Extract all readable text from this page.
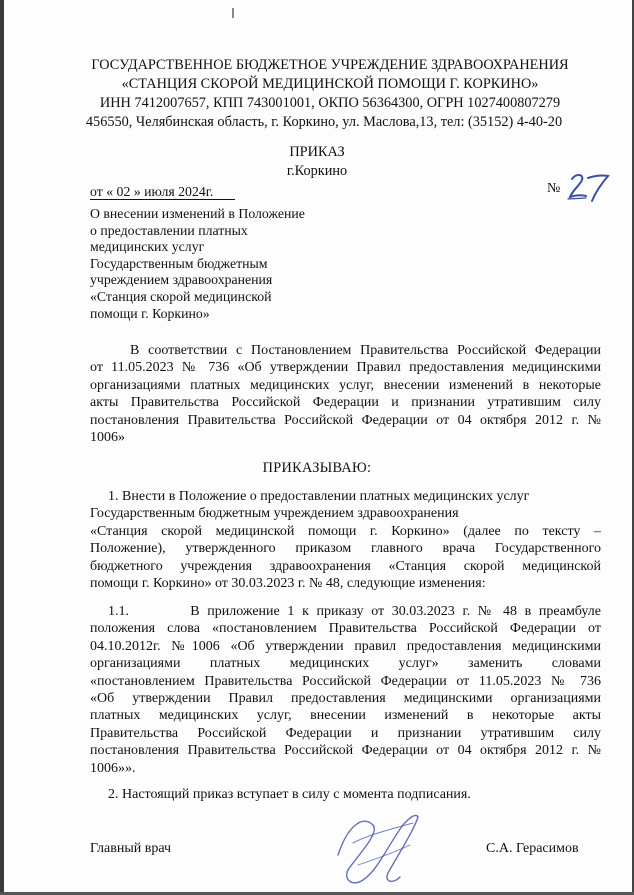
ГОСУДАРСТВЕННОЕ БЮДЖЕТНОЕ УЧРЕЖДЕНИЕ ЗДРАВООХРАНЕНИЯ
«СТАНЦИЯ СКОРОЙ МЕДИЦИНСКОЙ ПОМОЩИ Г. КОРКИНО»
ИНН 7412007657, КПП 743001001, ОКПО 56364300, ОГРН 1027400807279
456550, Челябинская область, г. Коркино, ул. Маслова,13, тел: (35152) 4-40-20
ПРИКАЗ
г.Коркино
от « 02 » июля 2024г.	№
О внесении изменений в Положение
о предоставлении платных
медицинских услуг
Государственным бюджетным
учреждением здравоохранения
«Станция скорой медицинской
помощи г. Коркино»
В соответствии с Постановлением Правительства Российской Федерации
от 11.05.2023 № 736 «Об утверждении Правил предоставления медицинскими
организациями платных медицинских услуг, внесении изменений в некоторые
акты Правительства Российской Федерации и признании утратившим силу
постановления Правительства Российской Федерации от 04 октября 2012 г. №
1006»
ПРИКАЗЫВАЮ:
1. Внести в Положение о предоставлении платных медицинских услуг
Государственным бюджетным учреждением здравоохранения
«Станция скорой медицинской помощи г. Коркино» (далее по тексту –
Положение), утвержденного приказом главного врача Государственного
бюджетного учреждения здравоохранения «Станция скорой медицинской
помощи г. Коркино» от 30.03.2023 г. № 48, следующие изменения:
1.1.        В приложение 1 к приказу от 30.03.2023 г. № 48 в преамбуле
положения слова «постановлением Правительства Российской Федерации от
04.10.2012г. №1006 «Об утверждении правил предоставления медицинскими
организациями платных медицинских услуг» заменить словами
«постановлением Правительства Российской Федерации от 11.05.2023 № 736
«Об утверждении Правил предоставления медицинскими организациями
платных медицинских услуг, внесении изменений в некоторые акты
Правительства Российской Федерации и признании утратившим силу
постановления Правительства Российской Федерации от 04 октября 2012 г. №
1006»».
2. Настоящий приказ вступает в силу с момента подписания.
Главный врач	С.А. Герасимов
